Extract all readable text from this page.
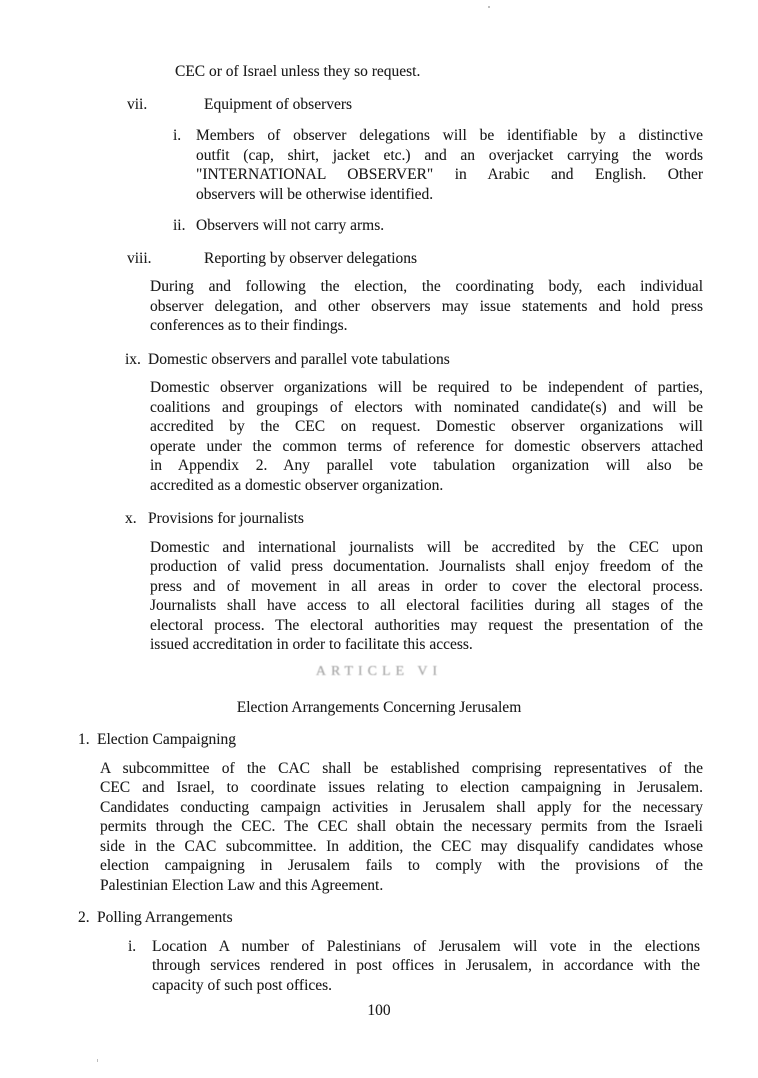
CEC or of Israel unless they so request.
vii.	Equipment of observers
i. Members of observer delegations will be identifiable by a distinctive
outfit (cap, shirt, jacket etc.) and an overjacket carrying the words
"INTERNATIONAL OBSERVER" in Arabic and English. Other
observers will be otherwise identified.
ii. Observers will not carry arms.
viii.	Reporting by observer delegations
During and following the election, the coordinating body, each individual
observer delegation, and other observers may issue statements and hold press
conferences as to their findings.
ix. Domestic observers and parallel vote tabulations
Domestic observer organizations will be required to be independent of parties,
coalitions and groupings of electors with nominated candidate(s) and will be
accredited by the CEC on request. Domestic observer organizations will
operate under the common terms of reference for domestic observers attached
in Appendix 2. Any parallel vote tabulation organization will also be
accredited as a domestic observer organization.
x. Provisions for journalists
Domestic and international journalists will be accredited by the CEC upon
production of valid press documentation. Journalists shall enjoy freedom of the
press and of movement in all areas in order to cover the electoral process.
Journalists shall have access to all electoral facilities during all stages of the
electoral process. The electoral authorities may request the presentation of the
issued accreditation in order to facilitate this access.
ARTICLE VI
Election Arrangements Concerning Jerusalem
1. Election Campaigning
A subcommittee of the CAC shall be established comprising representatives of the
CEC and Israel, to coordinate issues relating to election campaigning in Jerusalem.
Candidates conducting campaign activities in Jerusalem shall apply for the necessary
permits through the CEC. The CEC shall obtain the necessary permits from the Israeli
side in the CAC subcommittee. In addition, the CEC may disqualify candidates whose
election campaigning in Jerusalem fails to comply with the provisions of the
Palestinian Election Law and this Agreement.
2. Polling Arrangements
i. Location A number of Palestinians of Jerusalem will vote in the elections
through services rendered in post offices in Jerusalem, in accordance with the
capacity of such post offices.
100
